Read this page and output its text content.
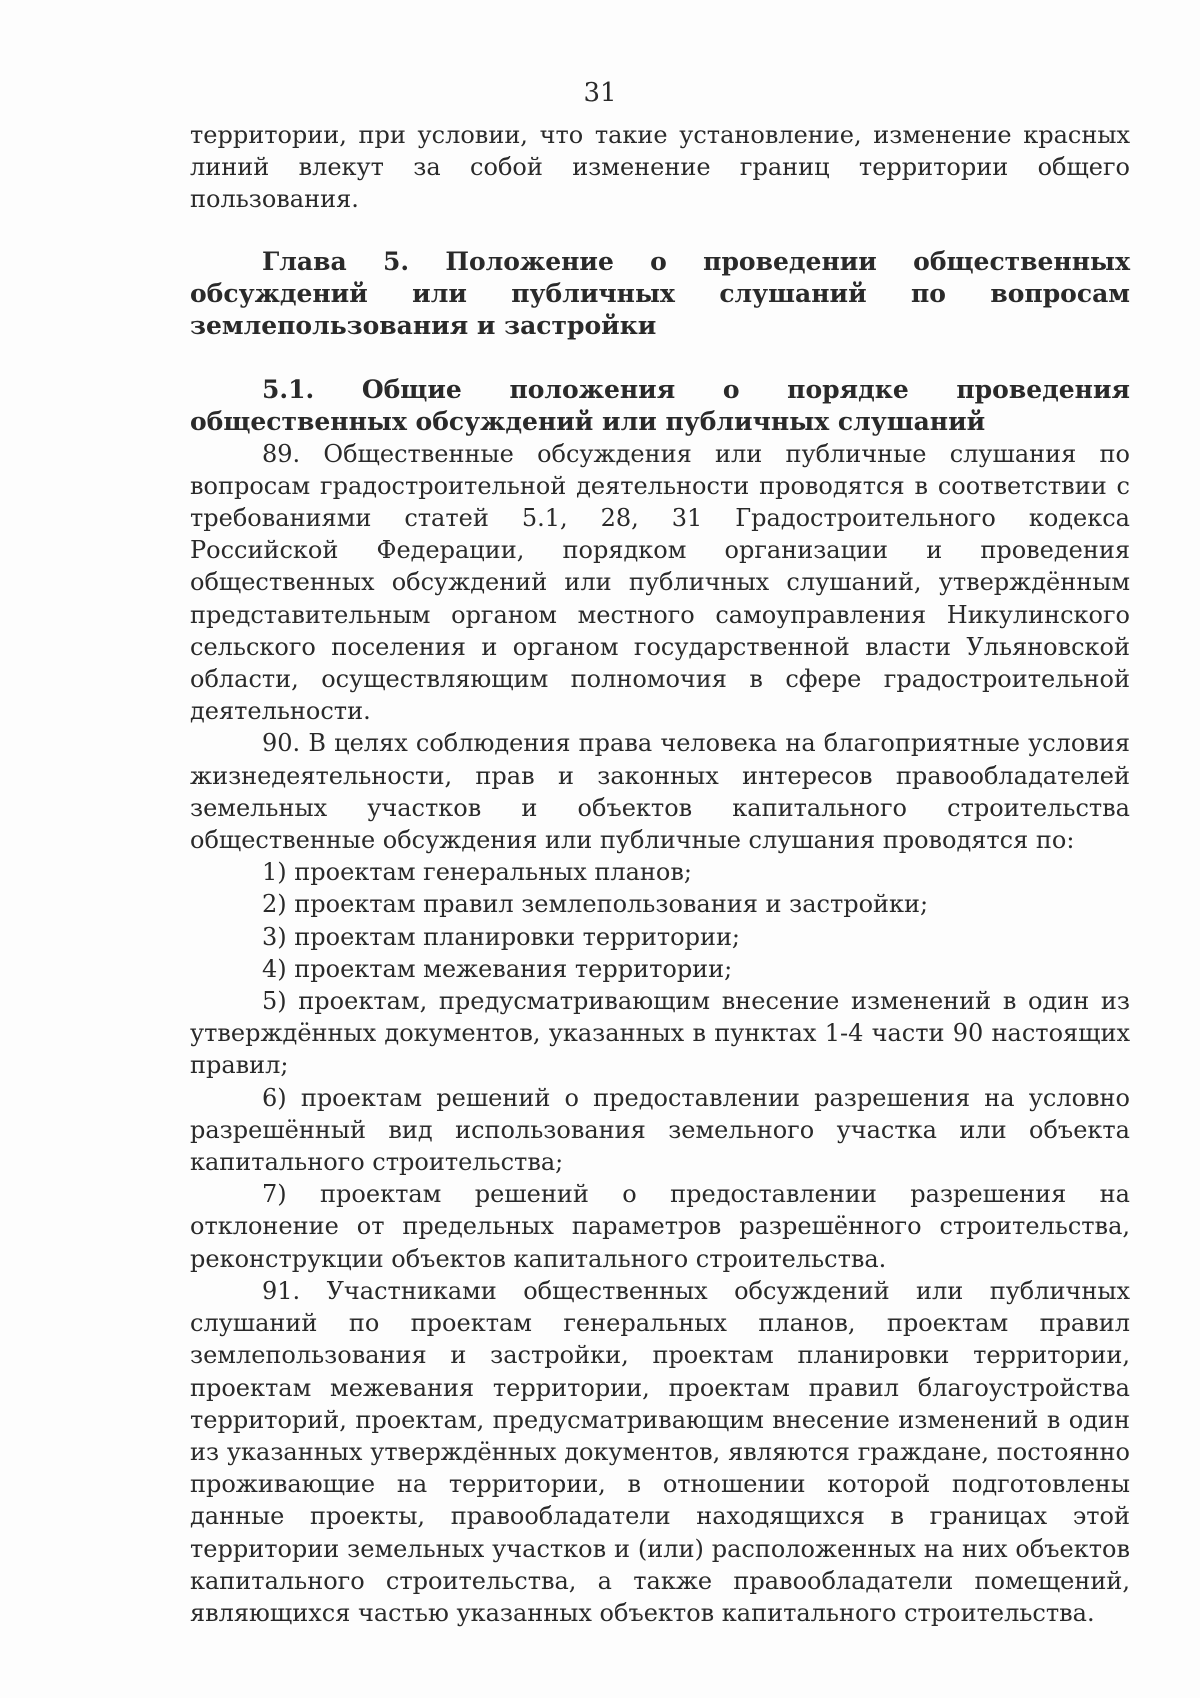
31

территории, при условии, что такие установление, изменение красных линий влекут за собой изменение границ территории общего пользования.

Глава 5. Положение о проведении общественных обсуждений или публичных слушаний по вопросам землепользования и застройки

5.1. Общие положения о порядке проведения общественных обсуждений или публичных слушаний

89. Общественные обсуждения или публичные слушания по вопросам градостроительной деятельности проводятся в соответствии с требованиями статей 5.1, 28, 31 Градостроительного кодекса Российской Федерации, порядком организации и проведения общественных обсуждений или публичных слушаний, утверждённым представительным органом местного самоуправления Никулинского сельского поселения и органом государственной власти Ульяновской области, осуществляющим полномочия в сфере градостроительной деятельности.

90. В целях соблюдения права человека на благоприятные условия жизнедеятельности, прав и законных интересов правообладателей земельных участков и объектов капитального строительства общественные обсуждения или публичные слушания проводятся по:

1) проектам генеральных планов;

2) проектам правил землепользования и застройки;

3) проектам планировки территории;

4) проектам межевания территории;

5) проектам, предусматривающим внесение изменений в один из утверждённых документов, указанных в пунктах 1-4 части 90 настоящих правил;

6) проектам решений о предоставлении разрешения на условно разрешённый вид использования земельного участка или объекта капитального строительства;

7) проектам решений о предоставлении разрешения на отклонение от предельных параметров разрешённого строительства, реконструкции объектов капитального строительства.

91. Участниками общественных обсуждений или публичных слушаний по проектам генеральных планов, проектам правил землепользования и застройки, проектам планировки территории, проектам межевания территории, проектам правил благоустройства территорий, проектам, предусматривающим внесение изменений в один из указанных утверждённых документов, являются граждане, постоянно проживающие на территории, в отношении которой подготовлены данные проекты, правообладатели находящихся в границах этой территории земельных участков и (или) расположенных на них объектов капитального строительства, а также правообладатели помещений, являющихся частью указанных объектов капитального строительства.
